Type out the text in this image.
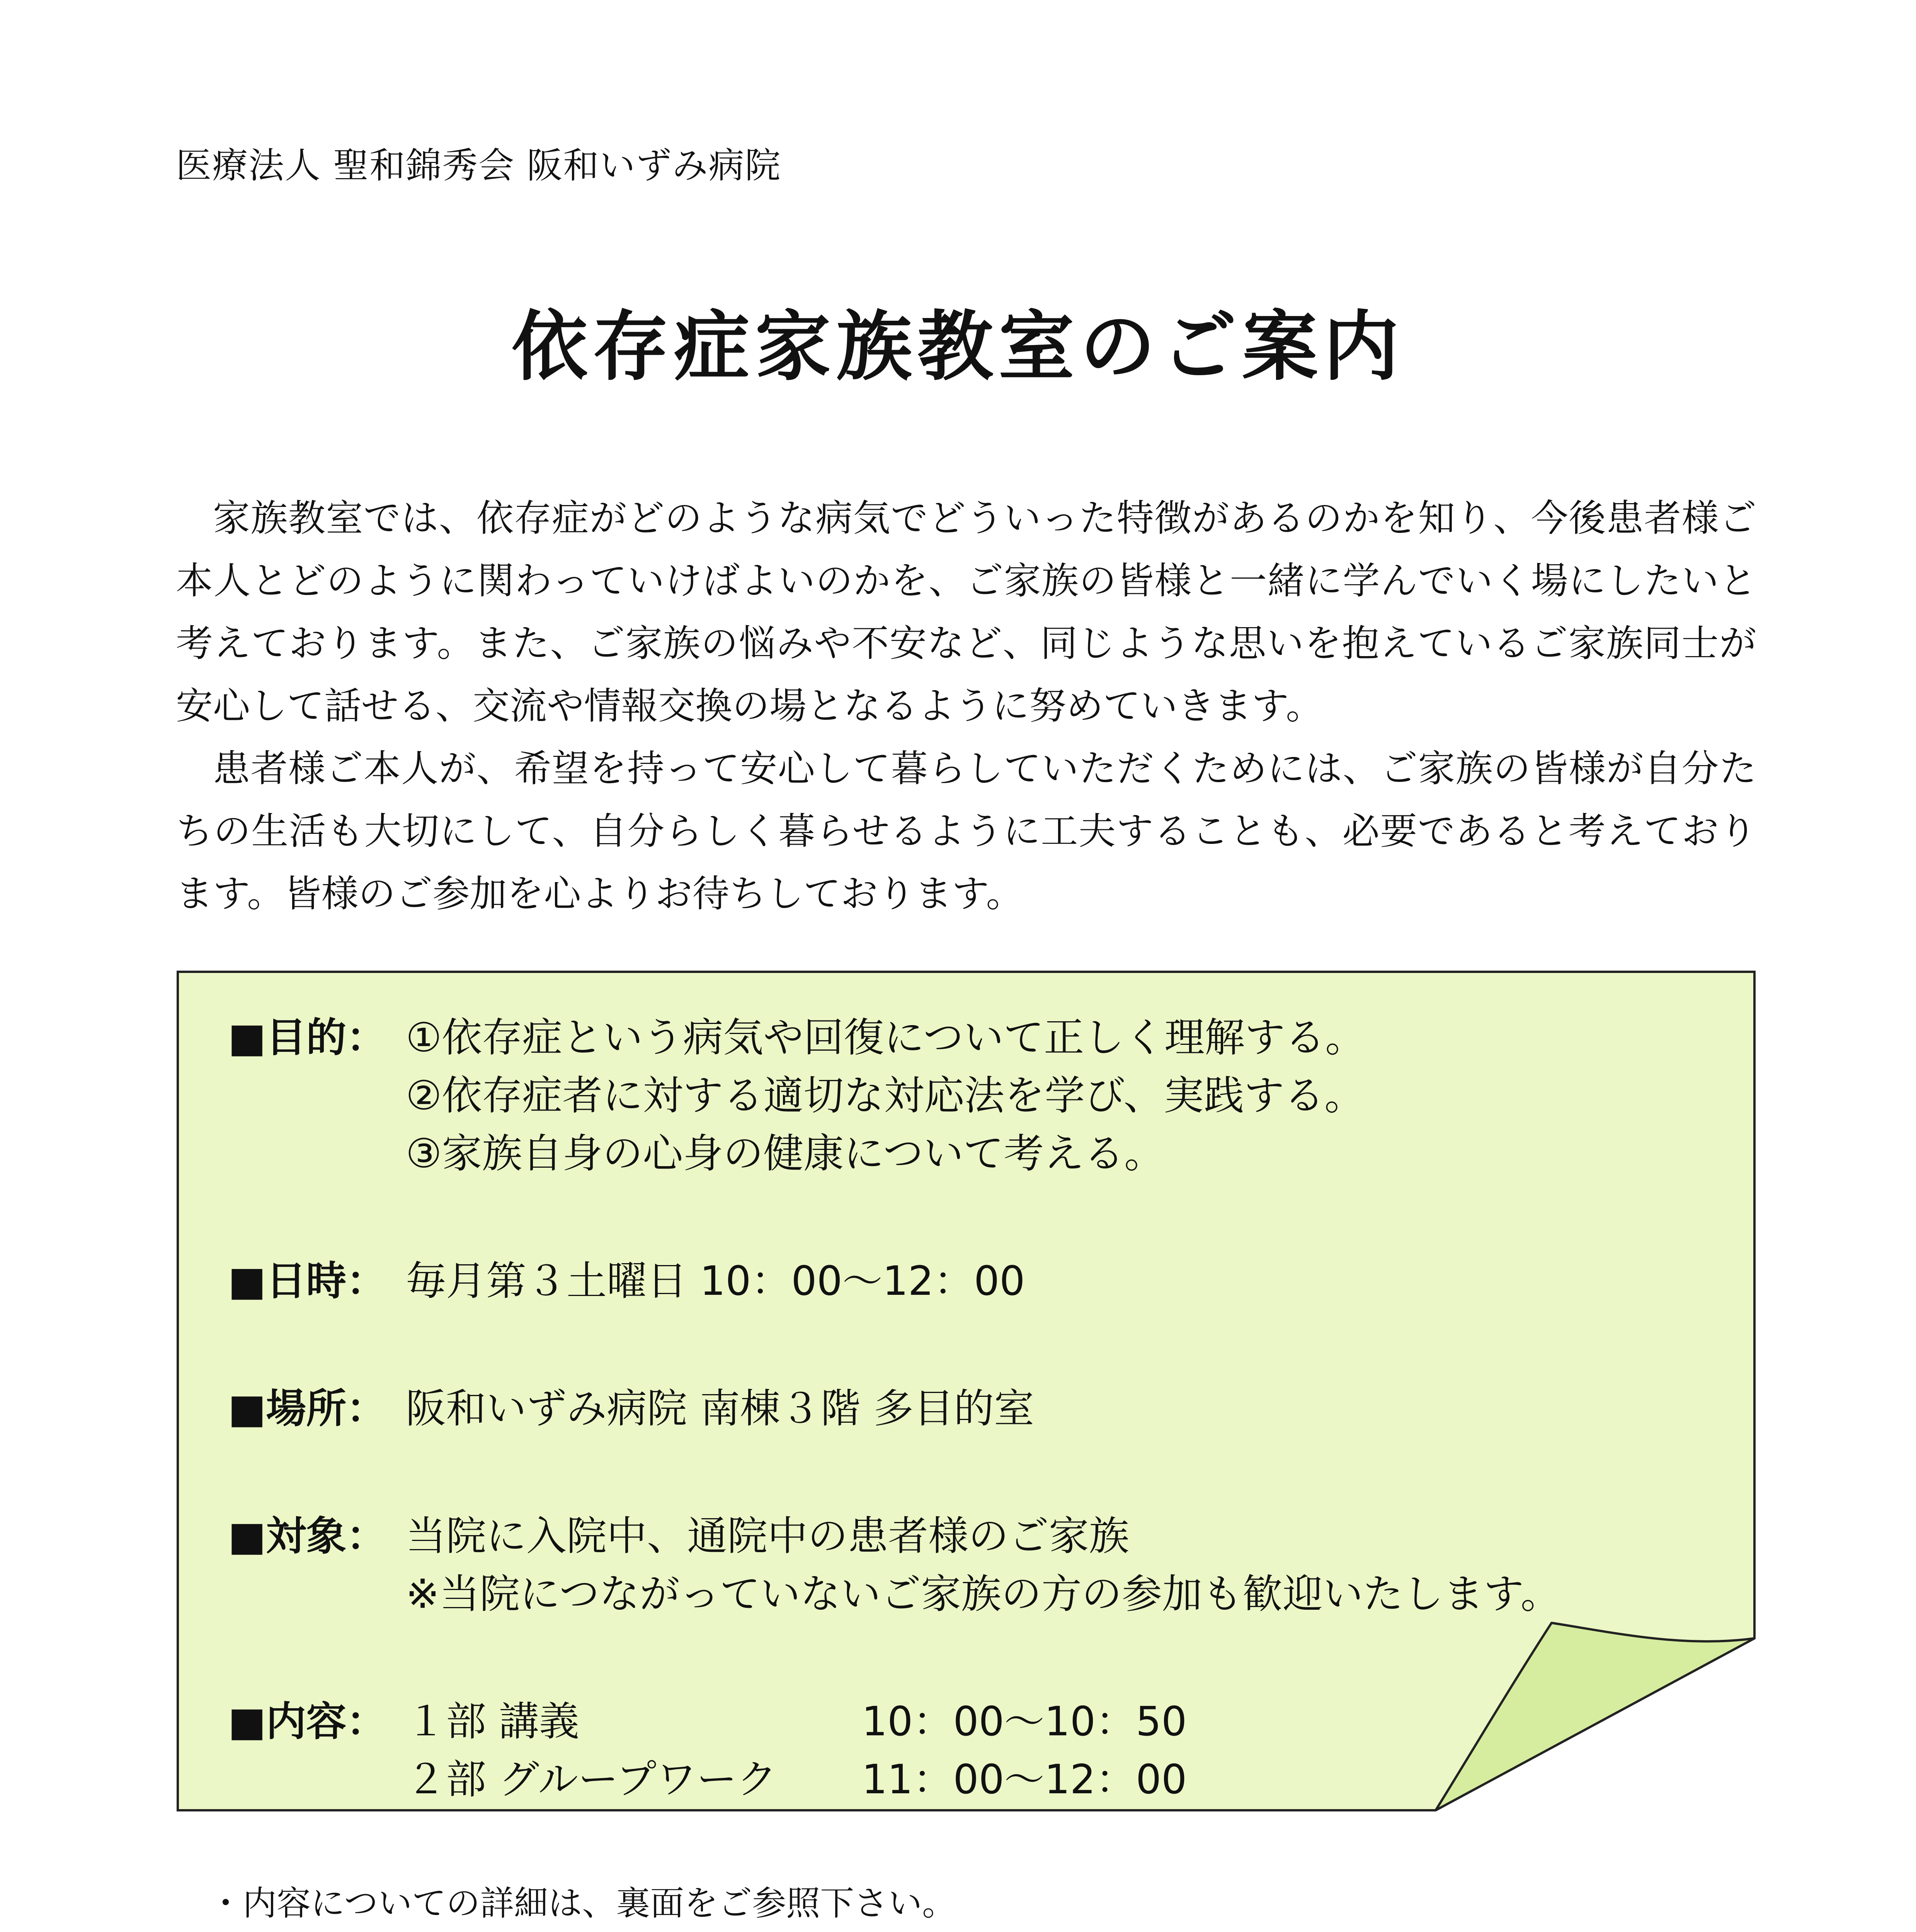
医療法人 聖和錦秀会 阪和いずみ病院
依存症家族教室のご案内

家族教室では、依存症がどのような病気でどういった特徴があるのかを知り、今後患者様ご本人とどのように関わっていけばよいのかを、ご家族の皆様と一緒に学んでいく場にしたいと考えております。また、ご家族の悩みや不安など、同じような思いを抱えているご家族同士が安心して話せる、交流や情報交換の場となるように努めていきます。

患者様ご本人が、希望を持って安心して暮らしていただくためには、ご家族の皆様が自分たちの生活も大切にして、自分らしく暮らせるように工夫することも、必要であると考えております。皆様のご参加を心よりお待ちしております。

■目的： ①依存症という病気や回復について正しく理解する。
②依存症者に対する適切な対応法を学び、実践する。
③家族自身の心身の健康について考える。
■日時： 毎月第３土曜日 10：00～12：00
■場所： 阪和いずみ病院 南棟３階 多目的室
■対象： 当院に入院中、通院中の患者様のご家族
※当院につながっていないご家族の方の参加も歓迎いたします。
■内容： １部 講義	10：00～10：50
２部 グループワーク	11：00～12：00
・内容についての詳細は、裏面をご参照下さい。
